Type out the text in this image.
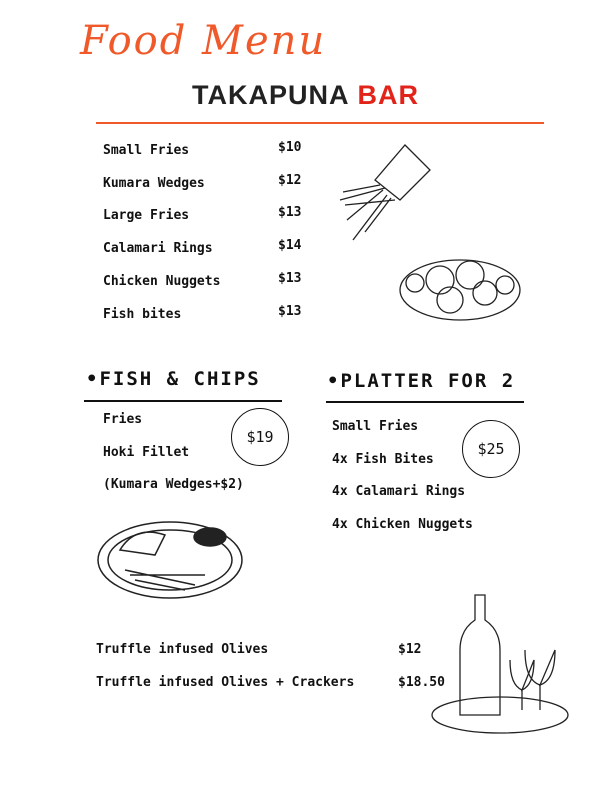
Food Menu
TAKAPUNA BAR
Small Fries	$10
Kumara Wedges	$12
Large Fries	$13
Calamari Rings	$14
Chicken Nuggets	$13
Fish bites	$13
•FISH & CHIPS
Fries
Hoki Fillet
(Kumara Wedges+$2)
$19
•PLATTER FOR 2
Small Fries
4x Fish Bites
4x Calamari Rings
4x Chicken Nuggets
$25
Truffle infused Olives	$12
Truffle infused Olives + Crackers	$18.50
